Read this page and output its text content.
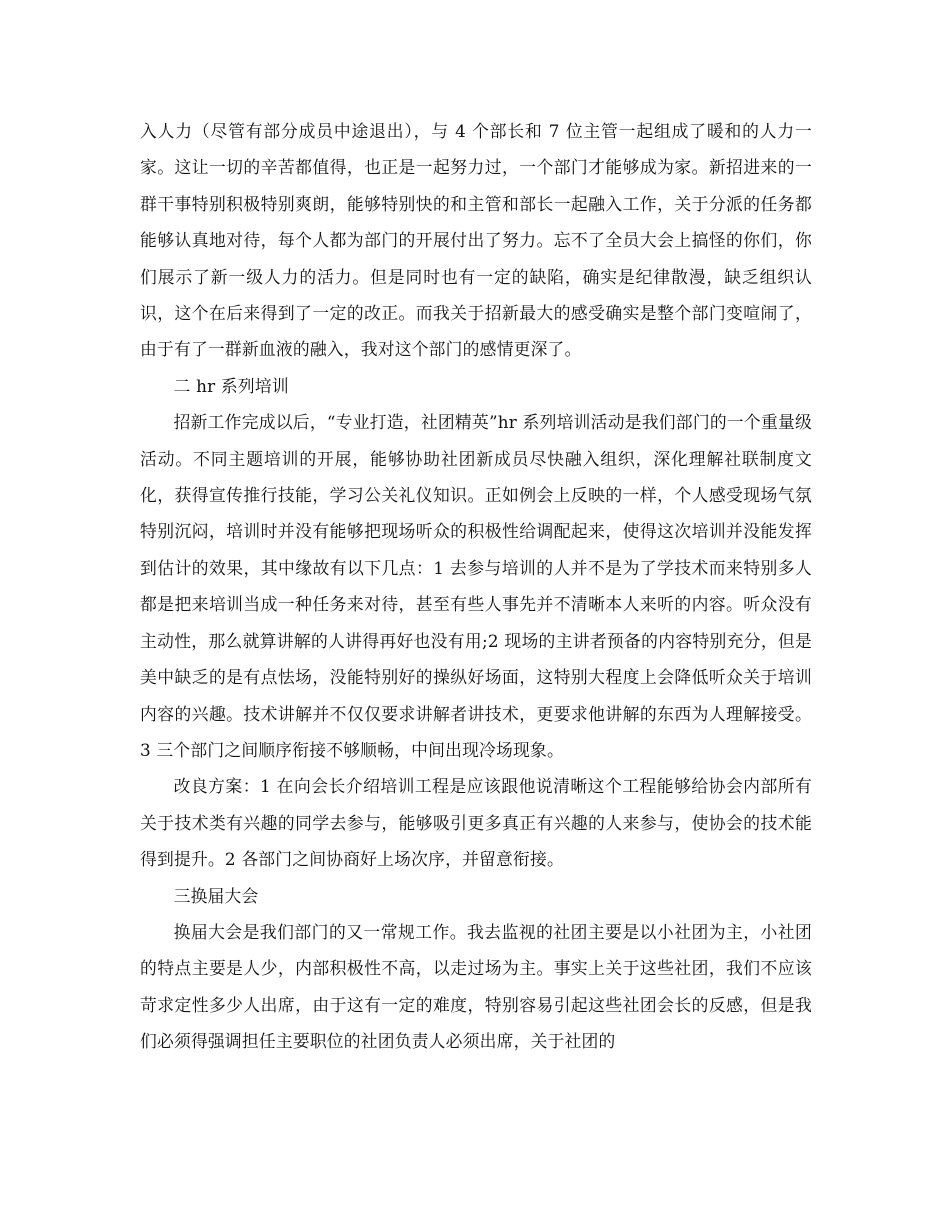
入人力（尽管有部分成员中途退出），与 4 个部长和 7 位主管一起组成了暖和的人力一家。这让一切的辛苦都值得，也正是一起努力过，一个部门才能够成为家。新招进来的一群干事特别积极特别爽朗，能够特别快的和主管和部长一起融入工作，关于分派的任务都能够认真地对待，每个人都为部门的开展付出了努力。忘不了全员大会上搞怪的你们，你们展示了新一级人力的活力。但是同时也有一定的缺陷，确实是纪律散漫，缺乏组织认识，这个在后来得到了一定的改正。而我关于招新最大的感受确实是整个部门变喧闹了，由于有了一群新血液的融入，我对这个部门的感情更深了。

二 hr 系列培训

招新工作完成以后，“专业打造，社团精英”hr 系列培训活动是我们部门的一个重量级活动。不同主题培训的开展，能够协助社团新成员尽快融入组织，深化理解社联制度文化，获得宣传推行技能，学习公关礼仪知识。正如例会上反映的一样，个人感受现场气氛特别沉闷，培训时并没有能够把现场听众的积极性给调配起来，使得这次培训并没能发挥到估计的效果，其中缘故有以下几点：1 去参与培训的人并不是为了学技术而来特别多人都是把来培训当成一种任务来对待，甚至有些人事先并不清晰本人来听的内容。听众没有主动性，那么就算讲解的人讲得再好也没有用;2 现场的主讲者预备的内容特别充分，但是美中缺乏的是有点怯场，没能特别好的操纵好场面，这特别大程度上会降低听众关于培训内容的兴趣。技术讲解并不仅仅要求讲解者讲技术，更要求他讲解的东西为人理解接受。3 三个部门之间顺序衔接不够顺畅，中间出现冷场现象。

改良方案：1 在向会长介绍培训工程是应该跟他说清晰这个工程能够给协会内部所有关于技术类有兴趣的同学去参与，能够吸引更多真正有兴趣的人来参与，使协会的技术能得到提升。2 各部门之间协商好上场次序，并留意衔接。

三换届大会

换届大会是我们部门的又一常规工作。我去监视的社团主要是以小社团为主，小社团的特点主要是人少，内部积极性不高，以走过场为主。事实上关于这些社团，我们不应该苛求定性多少人出席，由于这有一定的难度，特别容易引起这些社团会长的反感，但是我们必须得强调担任主要职位的社团负责人必须出席，关于社团的
